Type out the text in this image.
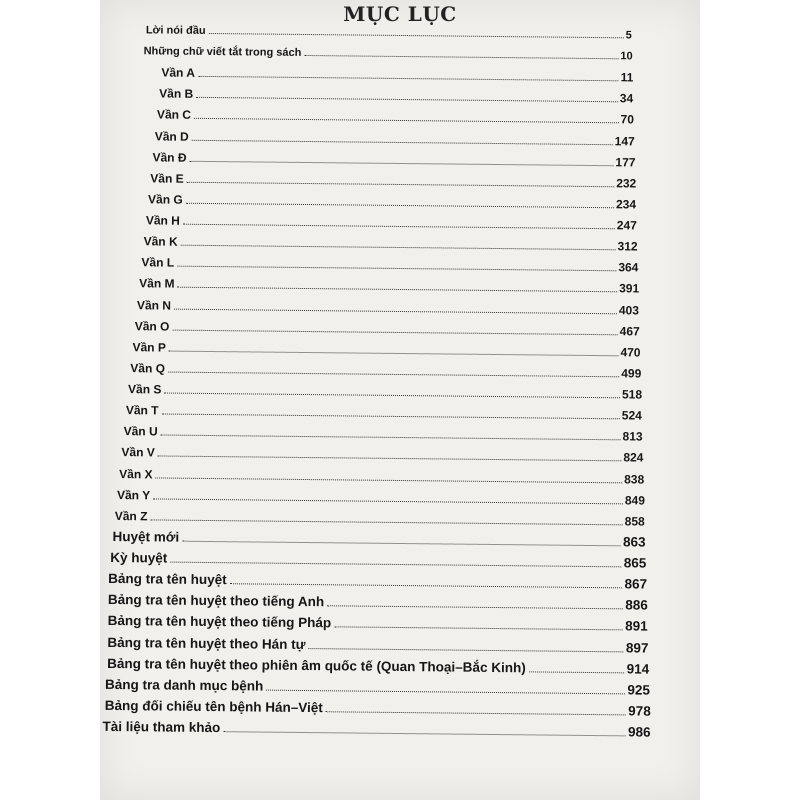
MỤC LỤC
Lời nói đầu	5
Những chữ viết tắt trong sách	10
Vần A	11
Vần B	34
Vần C	70
Vần D	147
Vần Đ	177
Vần E	232
Vần G	234
Vần H	247
Vần K	312
Vần L	364
Vần M	391
Vần N	403
Vần O	467
Vần P	470
Vần Q	499
Vần S	518
Vần T	524
Vần U	813
Vần V	824
Vần X	838
Vần Y	849
Vần Z	858
Huyệt mới	863
Kỳ huyệt	865
Bảng tra tên huyệt	867
Bảng tra tên huyệt theo tiếng Anh	886
Bảng tra tên huyệt theo tiếng Pháp	891
Bảng tra tên huyệt theo Hán tự	897
Bảng tra tên huyệt theo phiên âm quốc tế (Quan Thoại–Bắc Kinh)	914
Bảng tra danh mục bệnh	925
Bảng đối chiếu tên bệnh Hán–Việt	978
Tài liệu tham khảo	986
